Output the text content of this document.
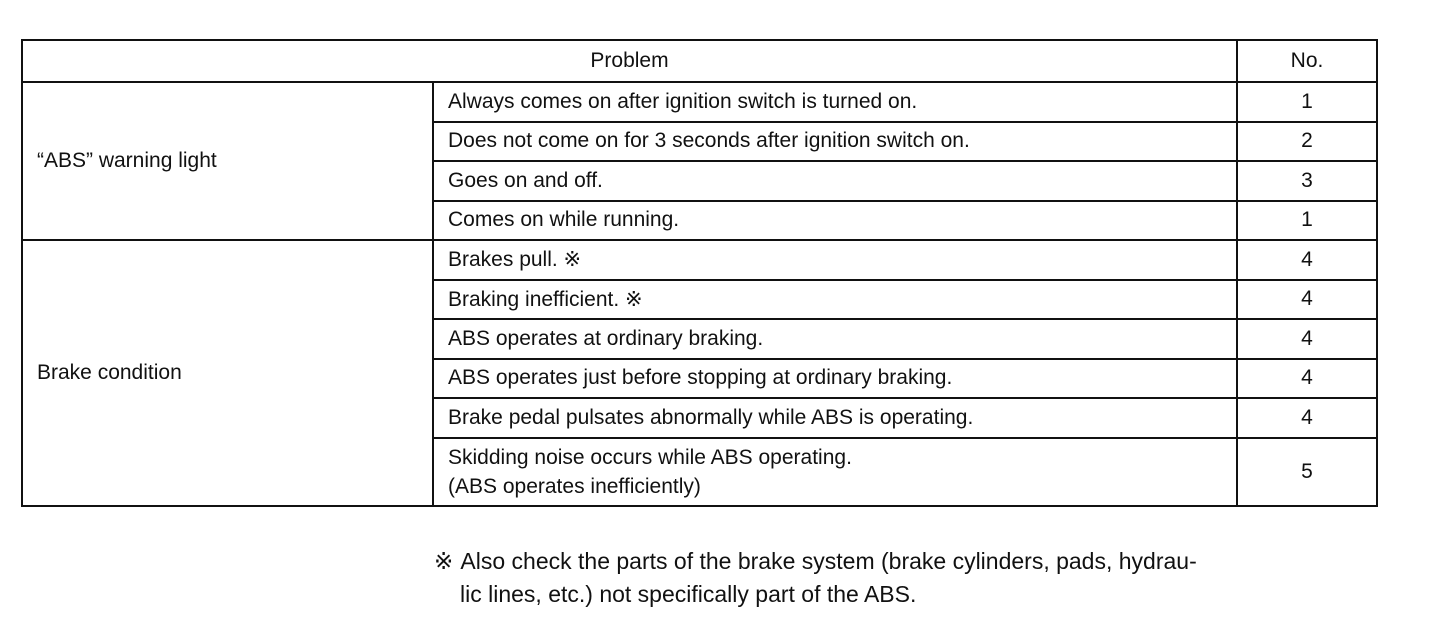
Problem		No.
“ABS” warning light	Always comes on after ignition switch is turned on.	1

	Does not come on for 3 seconds after ignition switch on.	2

	Goes on and off.	3

	Comes on while running.	1
Brake condition	Brakes pull. ※	4

	Braking inefficient. ※	4

	ABS operates at ordinary braking.	4

	ABS operates just before stopping at ordinary braking.	4

	Brake pedal pulsates abnormally while ABS is operating.	4

	Skidding noise occurs while ABS operating.
(ABS operates inefficiently)	5
※ Also check the parts of the brake system (brake cylinders, pads, hydrau-
lic lines, etc.) not specifically part of the ABS.
